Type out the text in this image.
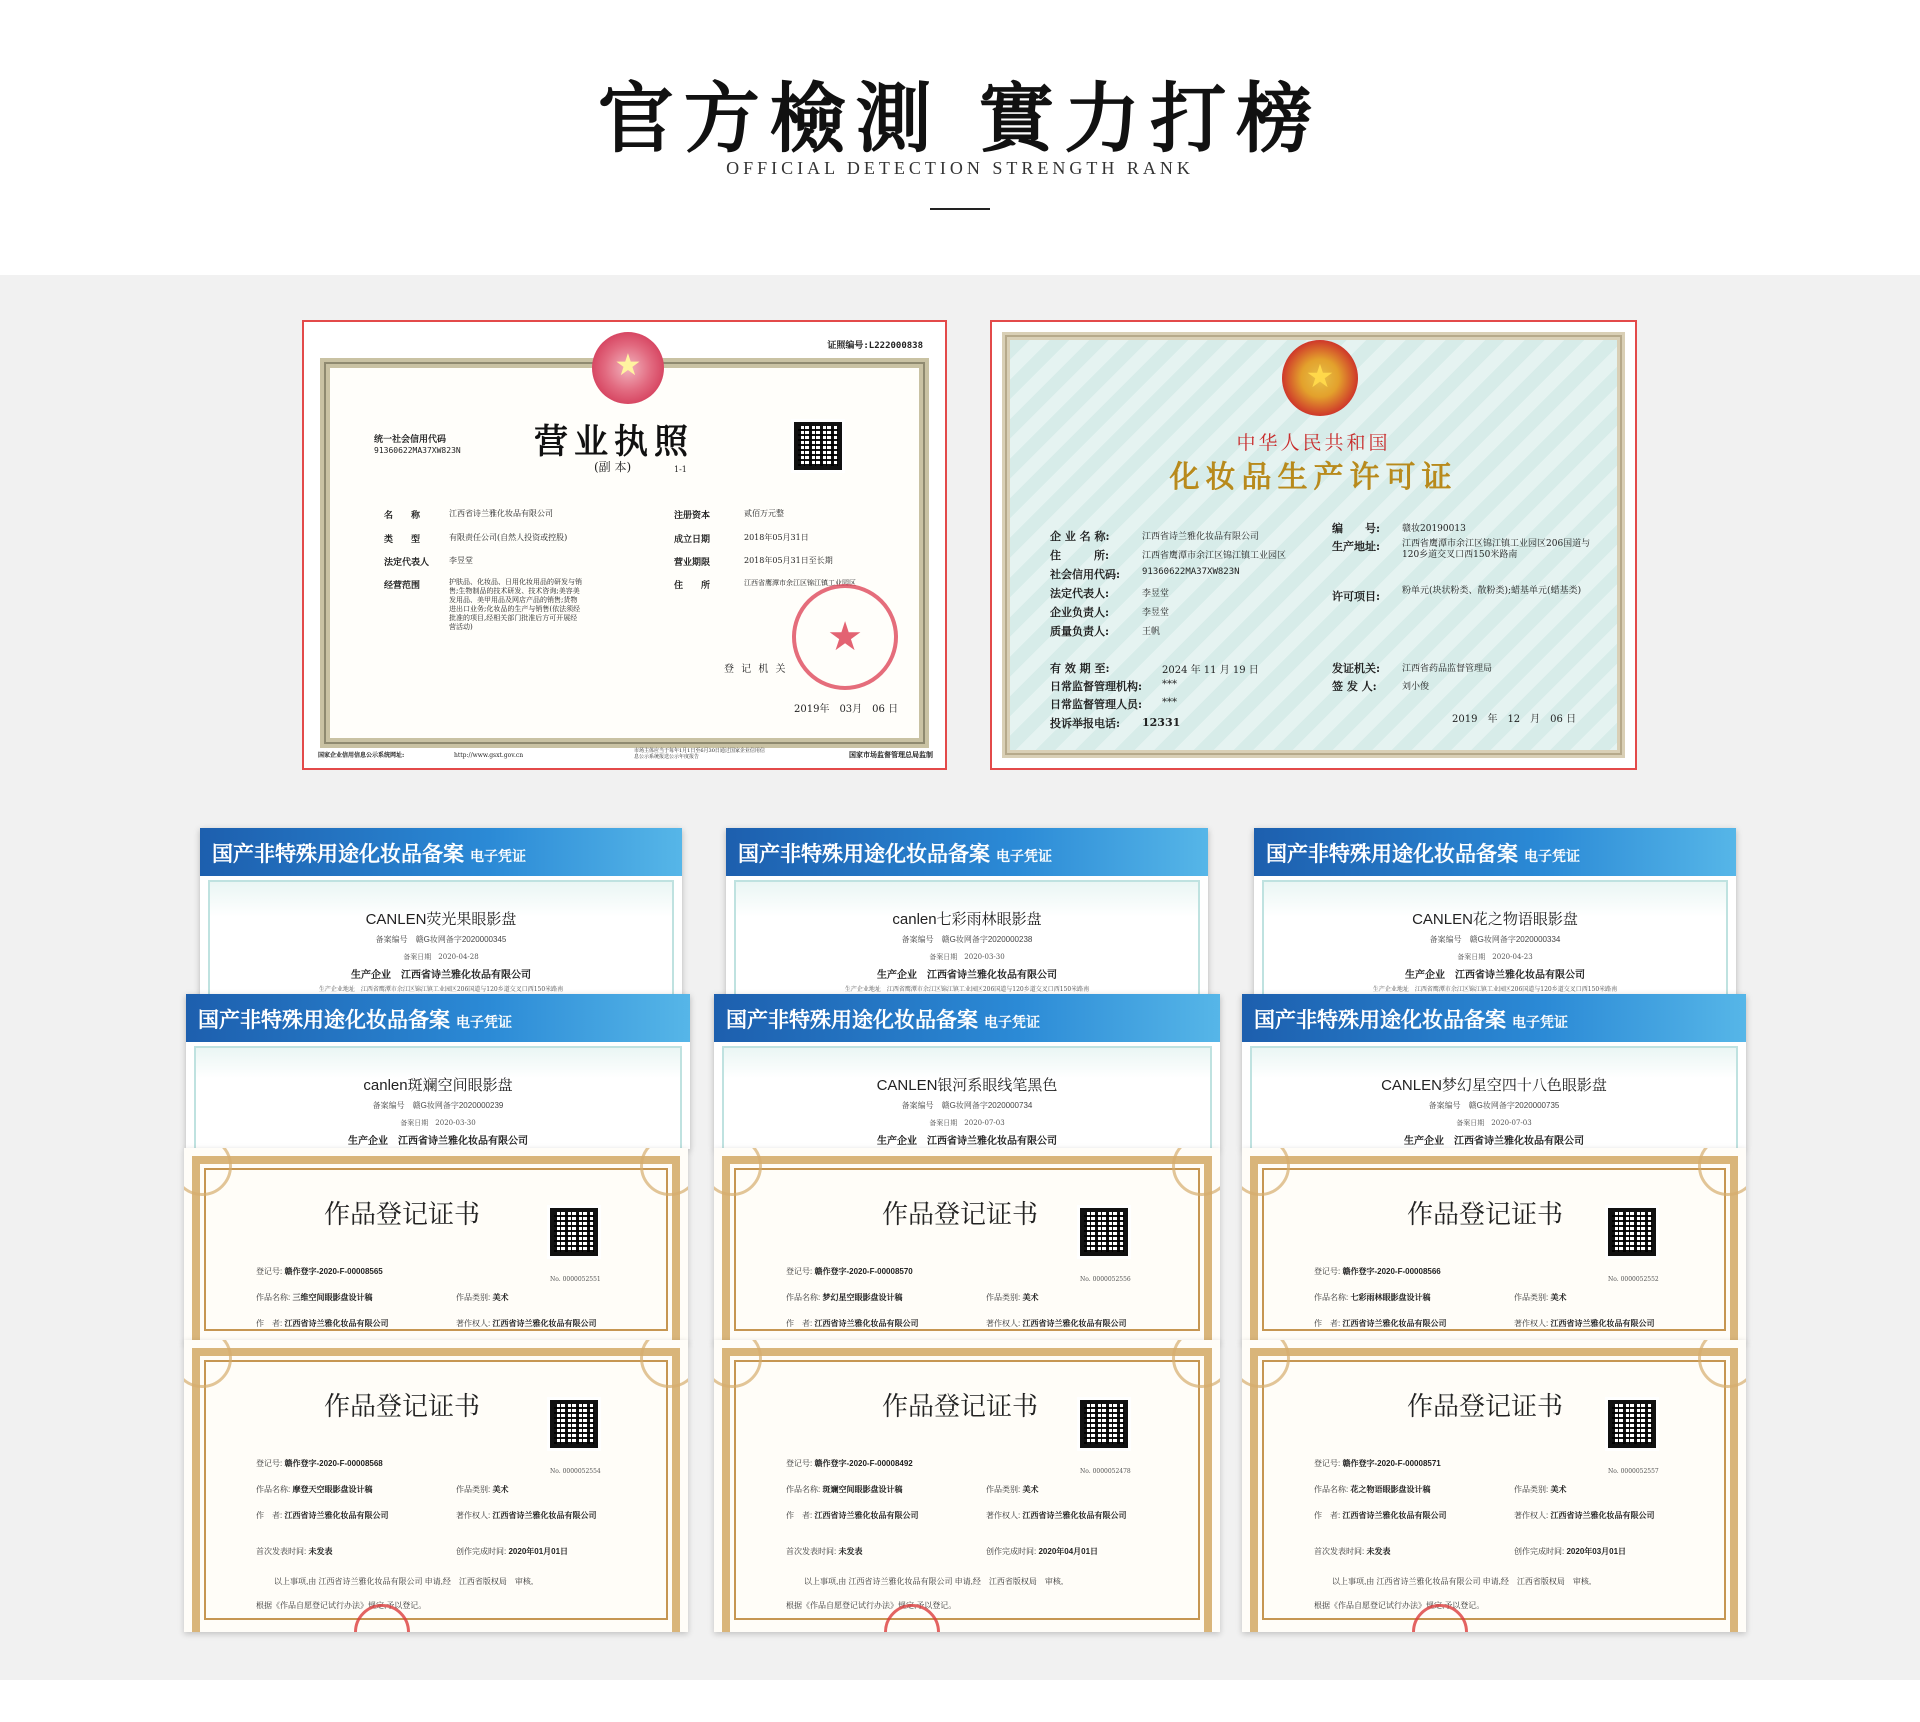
官方檢測 實力打榜
OFFICIAL DETECTION STRENGTH RANK
★
证照编号:L222000838
营业执照
(副 本)	1-1
统一社会信用代码
91360622MA37XW823N
名　　称	江西省诗兰雅化妆品有限公司
类　　型	有限责任公司(自然人投资或控股)
法定代表人 李昱堂
经营范围	护肤品、化妆品、日用化妆用品的研发与销售;生物制品的技术研发、技术咨询;美容美发用品、美甲用品及网店产品的销售;货物进出口业务;化妆品的生产与销售(依法须经批准的项目,经相关部门批准后方可开展经营活动)
注册资本	贰佰万元整
成立日期	2018年05月31日
营业期限	2018年05月31日至长期
住　　所	江西省鹰潭市余江区锦江镇工业园区
★
登 记 机 关
2019年　03月　06 日
国家企业信用信息公示系统网址:	http://www.gsxt.gov.cn
市场主体应当于每年1月1日至6月30日通过国家企业信用信息公示系统报送公示年度报告	国家市场监督管理总局监制
★
中华人民共和国
化妆品生产许可证
企 业 名 称:	江西省诗兰雅化妆品有限公司
住　　　所:	江西省鹰潭市余江区锦江镇工业园区
社会信用代码: 91360622MA37XW823N
法定代表人:	李昱堂
企业负责人:	李昱堂
质量负责人:	王帆
编　　号: 赣妆20190013
生产地址: 江西省鹰潭市余江区锦江镇工业园区206国道与120乡道交叉口西150米路南
许可项目: 粉单元(块状粉类、散粉类);蜡基单元(蜡基类)
有 效 期 至:	2024 年 11 月 19 日	发证机关: 江西省药品监督管理局
签 发 人:	刘小俊
日常监督管理机构: ***
日常监督管理人员: ***
投诉举报电话: 12331	2019　年　12　月　06 日
国产非特殊用途化妆品备案 电子凭证
CANLEN荧光果眼影盘
备案编号　赣G妆网备字2020000345
备案日期　2020-04-28
生产企业　江西省诗兰雅化妆品有限公司
生产企业地址　江西省鹰潭市余江区锦江镇工业园区206国道与120乡道交叉口西150米路南
国产非特殊用途化妆品备案 电子凭证
canlen七彩雨林眼影盘
备案编号　赣G妆网备字2020000238
备案日期　2020-03-30
生产企业　江西省诗兰雅化妆品有限公司
生产企业地址　江西省鹰潭市余江区锦江镇工业园区206国道与120乡道交叉口西150米路南
国产非特殊用途化妆品备案 电子凭证
CANLEN花之物语眼影盘
备案编号　赣G妆网备字2020000334
备案日期　2020-04-23
生产企业　江西省诗兰雅化妆品有限公司
生产企业地址　江西省鹰潭市余江区锦江镇工业园区206国道与120乡道交叉口西150米路南
国产非特殊用途化妆品备案 电子凭证
canlen斑斓空间眼影盘
备案编号　赣G妆网备字2020000239
备案日期　2020-03-30
生产企业　江西省诗兰雅化妆品有限公司
国产非特殊用途化妆品备案 电子凭证
CANLEN银河系眼线笔黑色
备案编号　赣G妆网备字2020000734
备案日期　2020-07-03
生产企业　江西省诗兰雅化妆品有限公司
国产非特殊用途化妆品备案 电子凭证
CANLEN梦幻星空四十八色眼影盘
备案编号　赣G妆网备字2020000735
备案日期　2020-07-03
生产企业　江西省诗兰雅化妆品有限公司
作品登记证书
No. 0000052551
登记号: 赣作登字-2020-F-00008565
作品名称: 三维空间眼影盘设计稿	作品类别: 美术
作　者: 江西省诗兰雅化妆品有限公司	著作权人: 江西省诗兰雅化妆品有限公司
作品登记证书
No. 0000052556
登记号: 赣作登字-2020-F-00008570
作品名称: 梦幻星空眼影盘设计稿	作品类别: 美术
作　者: 江西省诗兰雅化妆品有限公司	著作权人: 江西省诗兰雅化妆品有限公司
作品登记证书
No. 0000052552
登记号: 赣作登字-2020-F-00008566
作品名称: 七彩雨林眼影盘设计稿	作品类别: 美术
作　者: 江西省诗兰雅化妆品有限公司	著作权人: 江西省诗兰雅化妆品有限公司
作品登记证书
No. 0000052554
登记号: 赣作登字-2020-F-00008568
作品名称: 摩登天空眼影盘设计稿	作品类别: 美术
作　者: 江西省诗兰雅化妆品有限公司	著作权人: 江西省诗兰雅化妆品有限公司
首次发表时间: 未发表	创作完成时间: 2020年01月01日
以上事项,由 江西省诗兰雅化妆品有限公司 申请,经　江西省版权局　审核,
根据《作品自愿登记试行办法》规定,予以登记。
作品登记证书
No. 0000052478
登记号: 赣作登字-2020-F-00008492
作品名称: 斑斓空间眼影盘设计稿	作品类别: 美术
作　者: 江西省诗兰雅化妆品有限公司	著作权人: 江西省诗兰雅化妆品有限公司
首次发表时间: 未发表	创作完成时间: 2020年04月01日
以上事项,由 江西省诗兰雅化妆品有限公司 申请,经　江西省版权局　审核,
根据《作品自愿登记试行办法》规定,予以登记。
作品登记证书
No. 0000052557
登记号: 赣作登字-2020-F-00008571
作品名称: 花之物语眼影盘设计稿	作品类别: 美术
作　者: 江西省诗兰雅化妆品有限公司	著作权人: 江西省诗兰雅化妆品有限公司
首次发表时间: 未发表	创作完成时间: 2020年03月01日
以上事项,由 江西省诗兰雅化妆品有限公司 申请,经　江西省版权局　审核,
根据《作品自愿登记试行办法》规定,予以登记。
